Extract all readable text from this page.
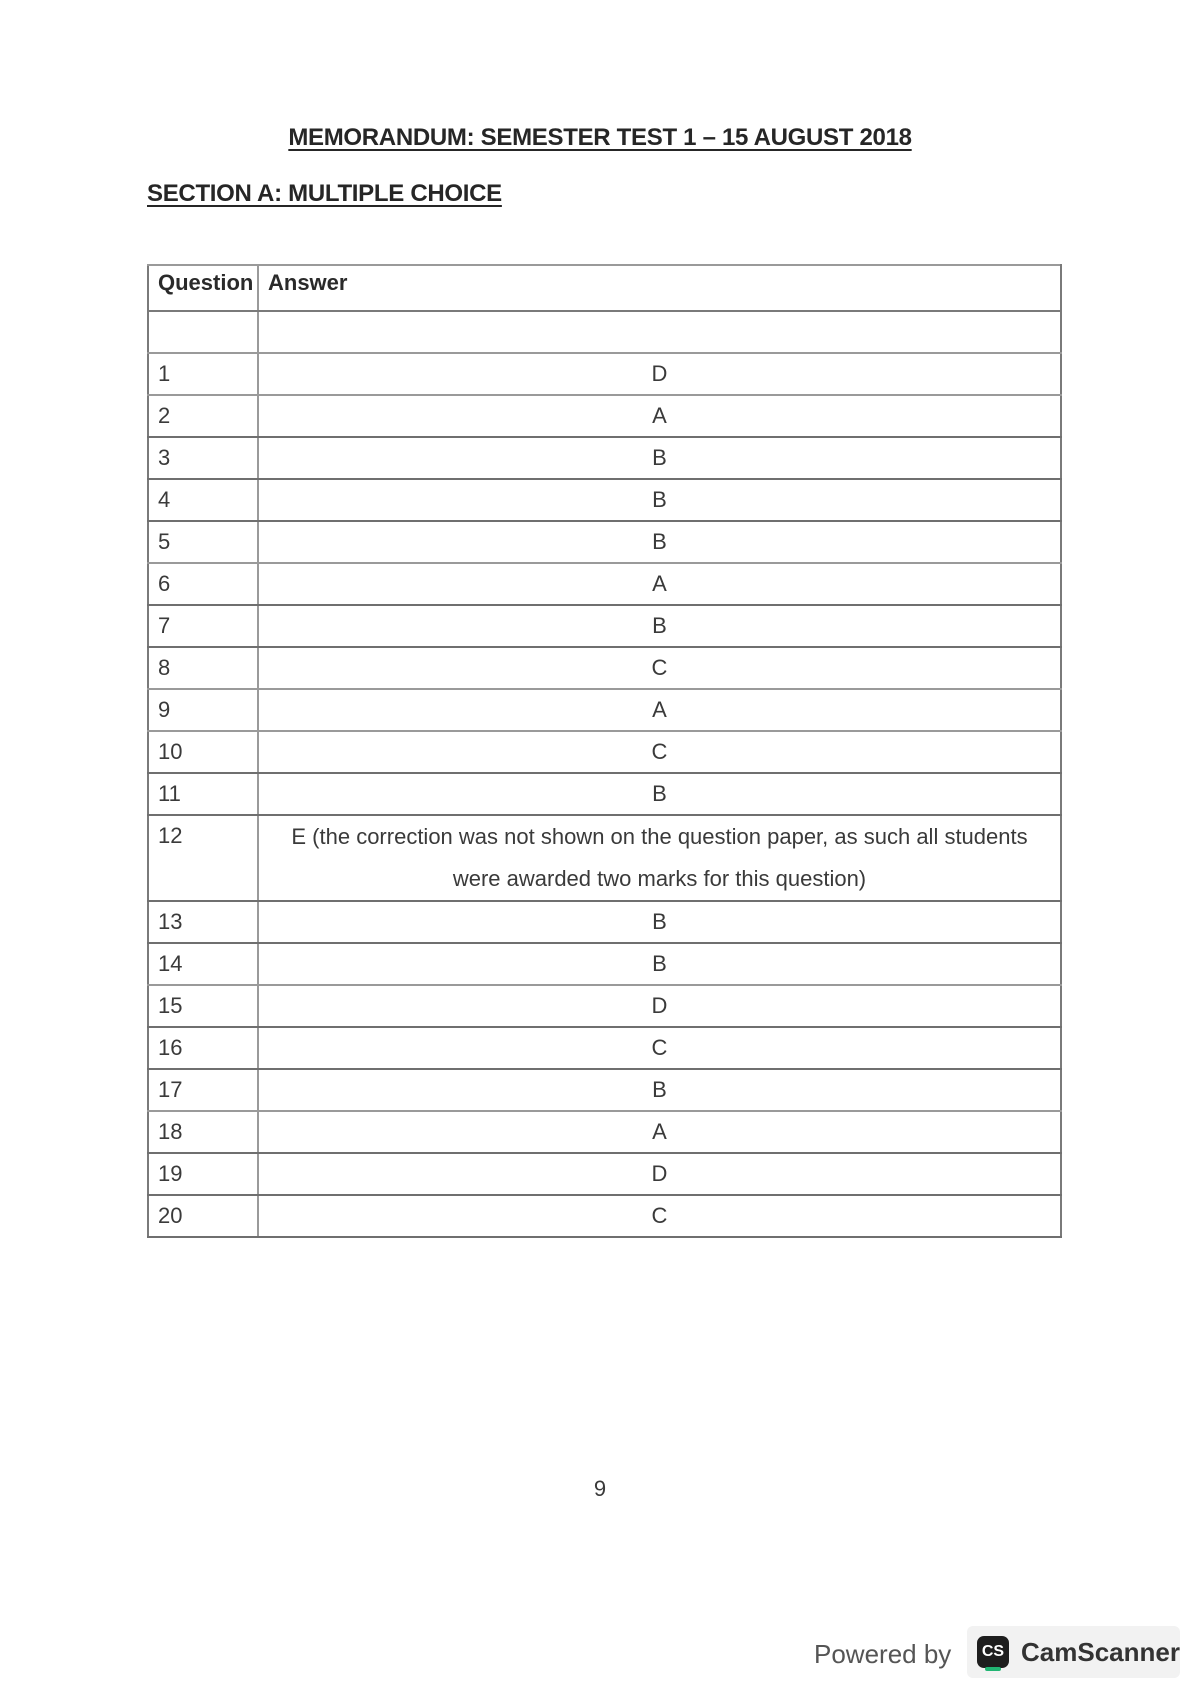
MEMORANDUM: SEMESTER TEST 1 – 15 AUGUST 2018
SECTION A: MULTIPLE CHOICE
Question	Answer

1	D
2	A
3	B
4	B
5	B
6	A
7	B
8	C
9	A
10	C
11	B
12	E (the correction was not shown on the question paper, as such all students were awarded two marks for this question)
13	B
14	B
15	D
16	C
17	B
18	A
19	D
20	C
9
Powered by	CS CamScanner
